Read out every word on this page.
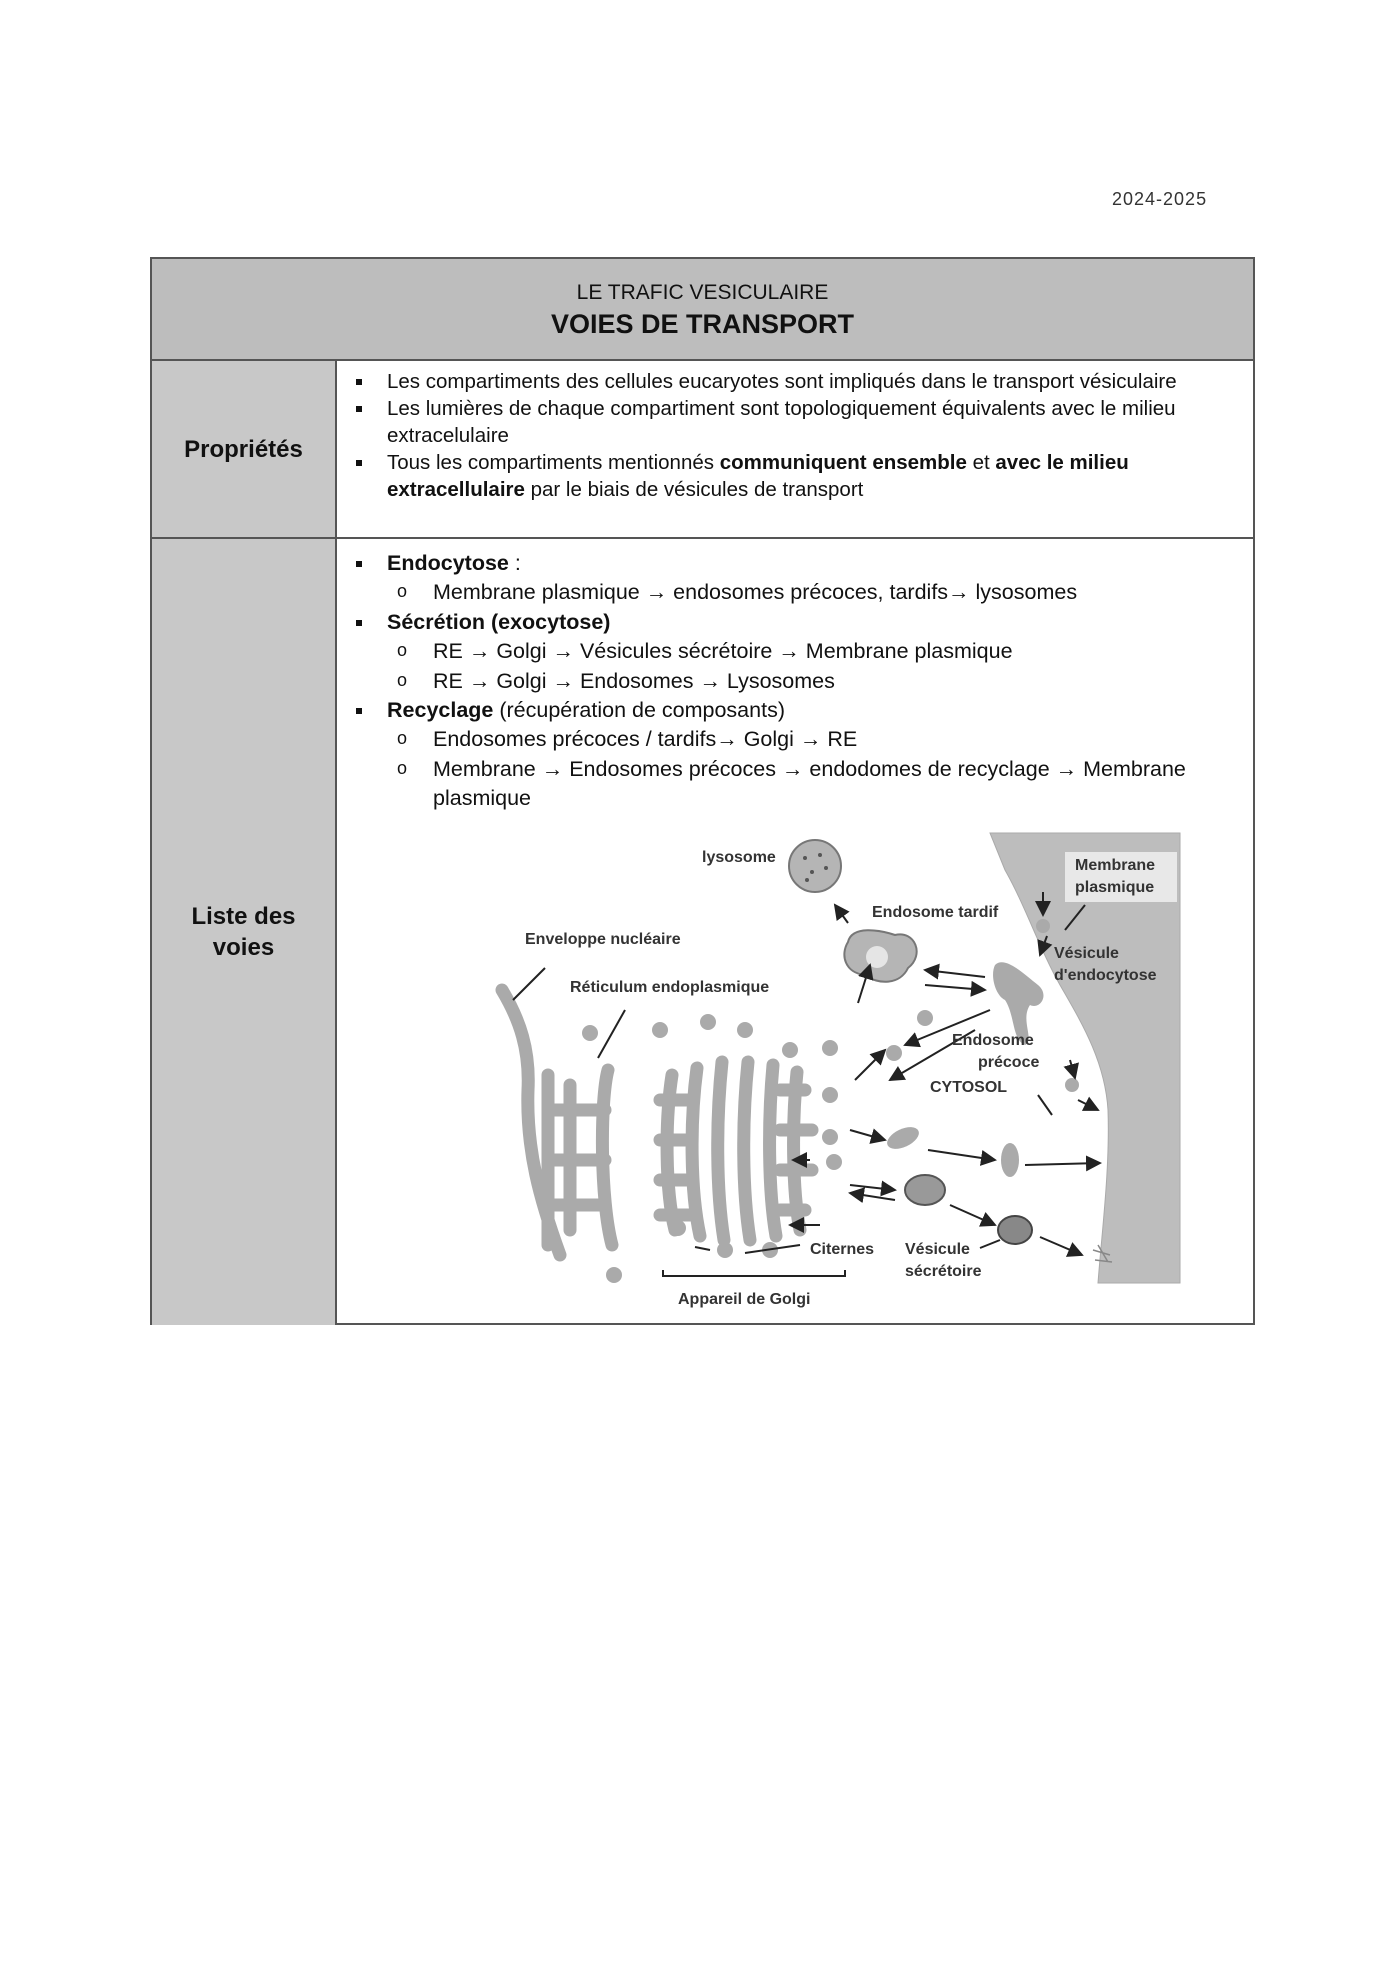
2024-2025
LE TRAFIC VESICULAIRE
VOIES DE TRANSPORT
Propriétés
Les compartiments des cellules eucaryotes sont impliqués dans le transport vésiculaire
Les lumières de chaque compartiment sont topologiquement équivalents avec le milieu extracelulaire
Tous les compartiments mentionnés communiquent ensemble et avec le milieu extracellulaire par le biais de vésicules de transport
Liste des
voies
Endocytose :
o Membrane plasmique → endosomes précoces, tardifs→ lysosomes
Sécrétion (exocytose)
o RE → Golgi → Vésicules sécrétoire → Membrane plasmique
o RE → Golgi → Endosomes → Lysosomes
Recyclage (récupération de composants)
o Endosomes précoces / tardifs→ Golgi → RE
o Membrane → Endosomes précoces → endodomes de recyclage → Membrane plasmique
lysosome
Endosome tardif
Membrane
plasmique
Enveloppe nucléaire
Réticulum endoplasmique
Vésicule
d'endocytose
Endosome
précoce
CYTOSOL
Citernes Vésicule
sécrétoire
Appareil de Golgi
